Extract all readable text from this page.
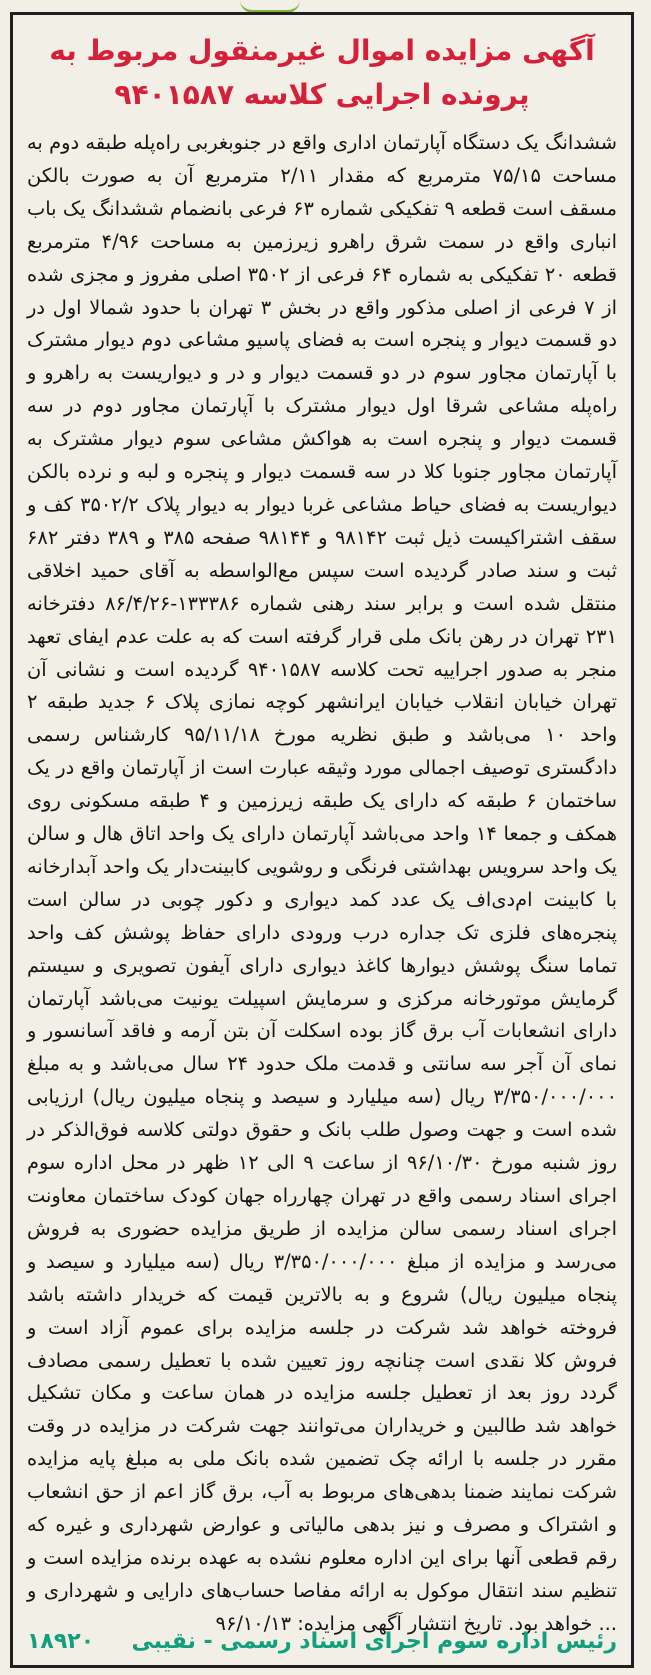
آگهی مزایده اموال غیرمنقول مربوط به
پرونده اجرایی کلاسه ۹۴۰۱۵۸۷

ششدانگ یک دستگاه آپارتمان اداری واقع در جنوبغربی راه‌پله طبقه دوم به مساحت ۷۵/۱۵ مترمربع که مقدار ۲/۱۱ مترمربع آن به صورت بالکن مسقف است قطعه ۹ تفکیکی شماره ۶۳ فرعی بانضمام ششدانگ یک باب انباری واقع در سمت شرق راهرو زیرزمین به مساحت ۴/۹۶ مترمربع قطعه ۲۰ تفکیکی به شماره ۶۴ فرعی از ۳۵۰۲ اصلی مفروز و مجزی شده از ۷ فرعی از اصلی مذکور واقع در بخش ۳ تهران با حدود شمالا اول در دو قسمت دیوار و پنجره است به فضای پاسیو مشاعی دوم دیوار مشترک با آپارتمان مجاور سوم در دو قسمت دیوار و در و دیواریست به راهرو و راه‌پله مشاعی شرقا اول دیوار مشترک با آپارتمان مجاور دوم در سه قسمت دیوار و پنجره است به هواکش مشاعی سوم دیوار مشترک به آپارتمان مجاور جنوبا کلا در سه قسمت دیوار و پنجره و لبه و نرده بالکن دیواریست به فضای حیاط مشاعی غربا دیوار به دیوار پلاک ۳۵۰۲/۲ کف و سقف اشتراکیست ذیل ثبت ۹۸۱۴۲ و ۹۸۱۴۴ صفحه ۳۸۵ و ۳۸۹ دفتر ۶۸۲ ثبت و سند صادر گردیده است سپس مع‌الواسطه به آقای حمید اخلاقی منتقل شده است و برابر سند رهنی شماره ۱۳۳۳۸۶-۸۶/۴/۲۶ دفترخانه ۲۳۱ تهران در رهن بانک ملی قرار گرفته است که به علت عدم ایفای تعهد منجر به صدور اجراییه تحت کلاسه ۹۴۰۱۵۸۷ گردیده است و نشانی آن تهران خیابان انقلاب خیابان ایرانشهر کوچه نمازی پلاک ۶ جدید طبقه ۲ واحد ۱۰ می‌باشد و طبق نظریه مورخ ۹۵/۱۱/۱۸ کارشناس رسمی دادگستری توصیف اجمالی مورد وثیقه عبارت است از آپارتمان واقع در یک ساختمان ۶ طبقه که دارای یک طبقه زیرزمین و ۴ طبقه مسکونی روی همکف و جمعا ۱۴ واحد می‌باشد آپارتمان دارای یک واحد اتاق هال و سالن یک واحد سرویس بهداشتی فرنگی و روشویی کابینت‌دار یک واحد آبدارخانه با کابینت ام‌دی‌اف یک عدد کمد دیواری و دکور چوبی در سالن است پنجره‌های فلزی تک جداره درب ورودی دارای حفاظ پوشش کف واحد تماما سنگ پوشش دیوارها کاغذ دیواری دارای آیفون تصویری و سیستم گرمایش موتورخانه مرکزی و سرمایش اسپیلت یونیت می‌باشد آپارتمان دارای انشعابات آب برق گاز بوده اسکلت آن بتن آرمه و فاقد آسانسور و نمای آن آجر سه سانتی و قدمت ملک حدود ۲۴ سال می‌باشد و به مبلغ ۳/۳۵۰/۰۰۰/۰۰۰ ریال (سه میلیارد و سیصد و پنجاه میلیون ریال) ارزیابی شده است و جهت وصول طلب بانک و حقوق دولتی کلاسه فوق‌الذکر در روز شنبه مورخ ۹۶/۱۰/۳۰ از ساعت ۹ الی ۱۲ ظهر در محل اداره سوم اجرای اسناد رسمی واقع در تهران چهارراه جهان کودک ساختمان معاونت اجرای اسناد رسمی سالن مزایده از طریق مزایده حضوری به فروش می‌رسد و مزایده از مبلغ ۳/۳۵۰/۰۰۰/۰۰۰ ریال (سه میلیارد و سیصد و پنجاه میلیون ریال) شروع و به بالاترین قیمت که خریدار داشته باشد فروخته خواهد شد شرکت در جلسه مزایده برای عموم آزاد است و فروش کلا نقدی است چنانچه روز تعیین شده با تعطیل رسمی مصادف گردد روز بعد از تعطیل جلسه مزایده در همان ساعت و مکان تشکیل خواهد شد طالبین و خریداران می‌توانند جهت شرکت در مزایده در وقت مقرر در جلسه با ارائه چک تضمین شده بانک ملی به مبلغ پایه مزایده شرکت نمایند ضمنا بدهی‌های مربوط به آب، برق گاز اعم از حق انشعاب و اشتراک و مصرف و نیز بدهی مالیاتی و عوارض شهرداری و غیره که رقم قطعی آنها برای این اداره معلوم نشده به عهده برنده مزایده است و تنظیم سند انتقال موکول به ارائه مفاصا حساب‌های دارایی و شهرداری و ... خواهد بود. تاریخ انتشار آگهی مزایده: ۹۶/۱۰/۱۳

رئیس اداره سوم اجرای اسناد رسمی - نقیبی
۱۸۹۲۰
